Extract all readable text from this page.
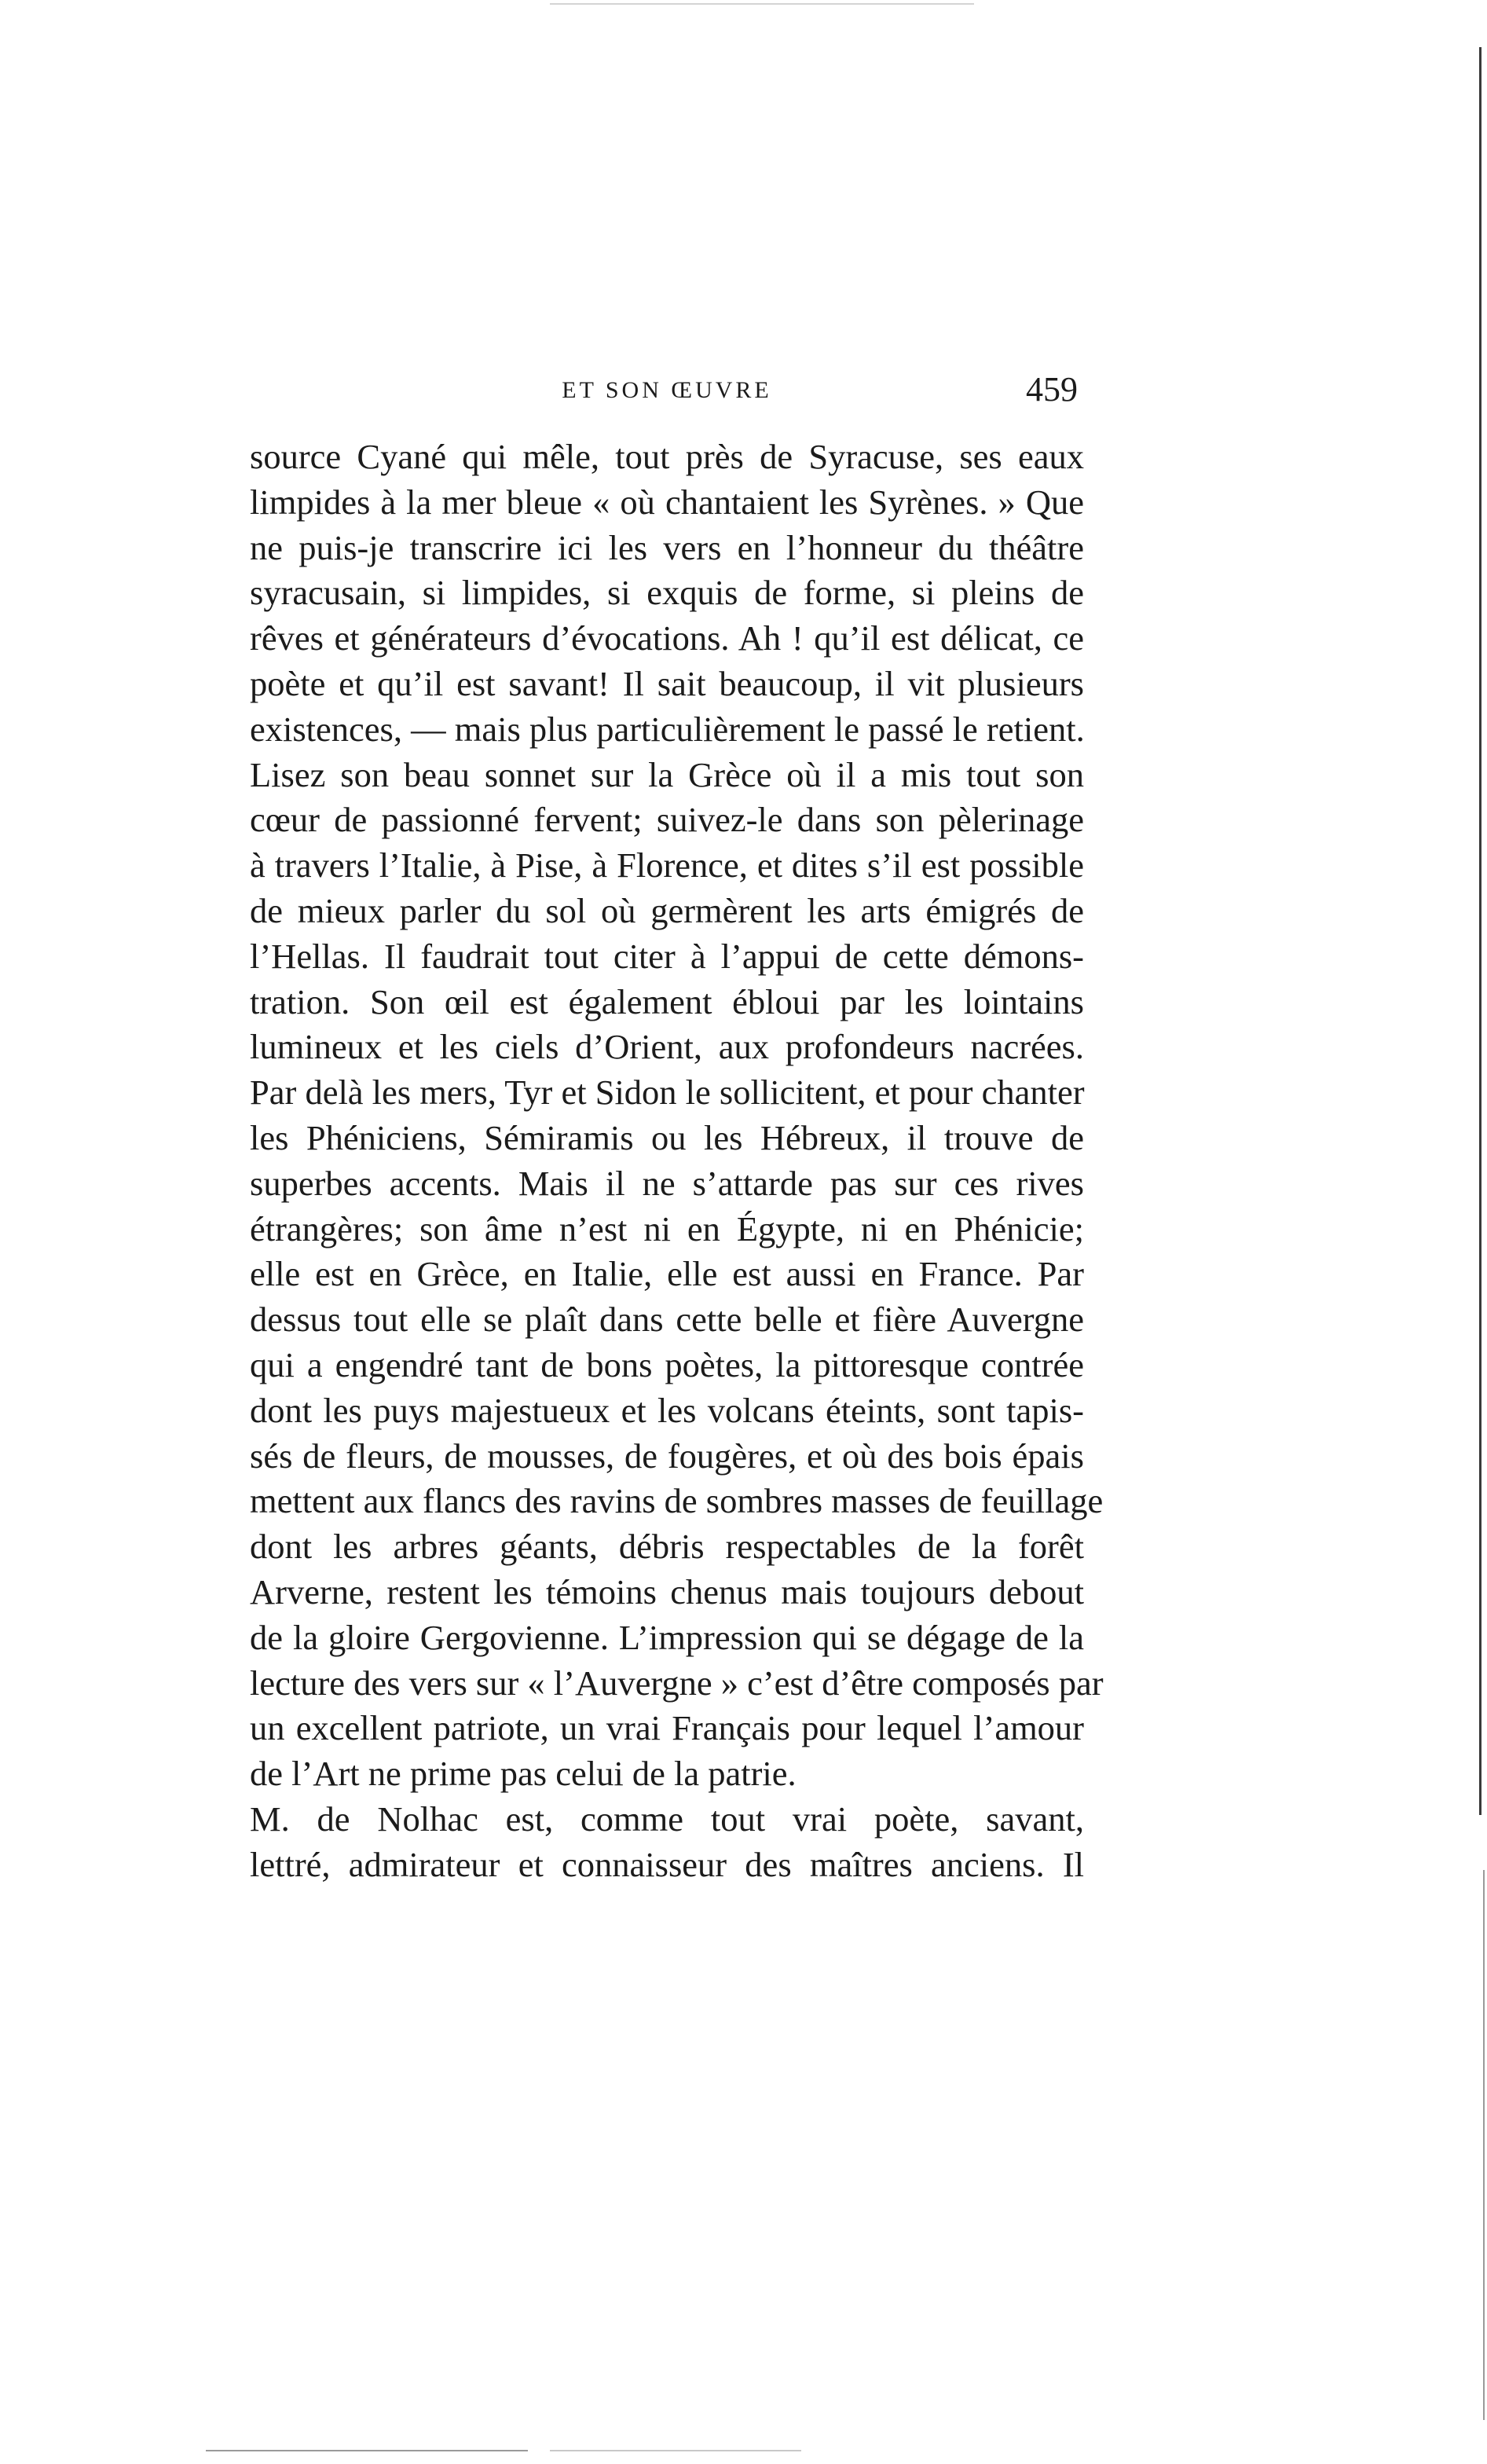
ET SON ŒUVRE	459
source Cyané qui mêle, tout près de Syracuse, ses eaux
limpides à la mer bleue « où chantaient les Syrènes. » Que
ne puis-je transcrire ici les vers en l’honneur du théâtre
syracusain, si limpides, si exquis de forme, si pleins de
rêves et générateurs d’évocations. Ah ! qu’il est délicat, ce
poète et qu’il est savant! Il sait beaucoup, il vit plusieurs
existences, — mais plus particulièrement le passé le retient.
Lisez son beau sonnet sur la Grèce où il a mis tout son
cœur de passionné fervent; suivez-le dans son pèlerinage
à travers l’Italie, à Pise, à Florence, et dites s’il est possible
de mieux parler du sol où germèrent les arts émigrés de
l’Hellas. Il faudrait tout citer à l’appui de cette démons-
tration. Son œil est également ébloui par les lointains
lumineux et les ciels d’Orient, aux profondeurs nacrées.
Par delà les mers, Tyr et Sidon le sollicitent, et pour chanter
les Phéniciens, Sémiramis ou les Hébreux, il trouve de
superbes accents. Mais il ne s’attarde pas sur ces rives
étrangères; son âme n’est ni en Égypte, ni en Phénicie;
elle est en Grèce, en Italie, elle est aussi en France. Par
dessus tout elle se plaît dans cette belle et fière Auvergne
qui a engendré tant de bons poètes, la pittoresque contrée
dont les puys majestueux et les volcans éteints, sont tapis-
sés de fleurs, de mousses, de fougères, et où des bois épais
mettent aux flancs des ravins de sombres masses de feuillage
dont les arbres géants, débris respectables de la forêt
Arverne, restent les témoins chenus mais toujours debout
de la gloire Gergovienne. L’impression qui se dégage de la
lecture des vers sur « l’Auvergne » c’est d’être composés par
un excellent patriote, un vrai Français pour lequel l’amour
de l’Art ne prime pas celui de la patrie.
M. de Nolhac est, comme tout vrai poète, savant,
lettré, admirateur et connaisseur des maîtres anciens. Il
